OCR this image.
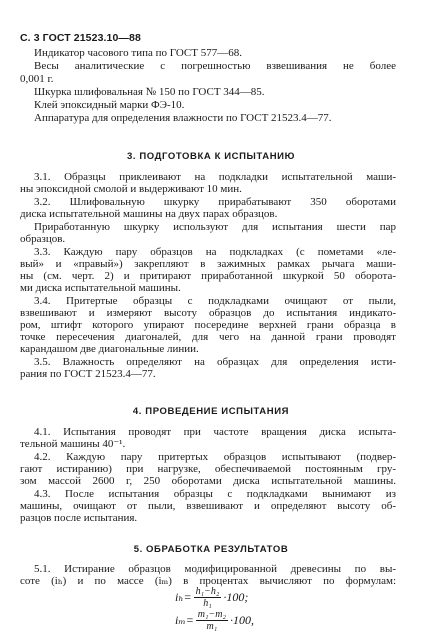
С. 3 ГОСТ 21523.10—88
Индикатор часового типа по ГОСТ 577—68.
Весы аналитические с погрешностью взвешивания не более
0,001 г.
Шкурка шлифовальная № 150 по ГОСТ 344—85.
Клей эпоксидный марки ФЭ-10.
Аппаратура для определения влажности по ГОСТ 21523.4—77.
3. ПОДГОТОВКА К ИСПЫТАНИЮ
3.1. Образцы приклеивают на подкладки испытательной маши-
ны эпоксидной смолой и выдерживают 10 мин.
3.2. Шлифовальную шкурку прирабатывают 350 оборотами
диска испытательной машины на двух парах образцов.
Приработанную шкурку используют для испытания шести пар
образцов.
3.3. Каждую пару образцов на подкладках (с пометами «ле-
вый» и «правый») закрепляют в зажимных рамках рычага маши-
ны (см. черт. 2) и притирают приработанной шкуркой 50 оборота-
ми диска испытательной машины.
3.4. Притертые образцы с подкладками очищают от пыли,
взвешивают и измеряют высоту образцов до испытания индикато-
ром, штифт которого упирают посередине верхней грани образца в
точке пересечения диагоналей, для чего на данной грани проводят
карандашом две диагональные линии.
3.5. Влажность определяют на образцах для определения исти-
рания по ГОСТ 21523.4—77.
4. ПРОВЕДЕНИЕ ИСПЫТАНИЯ
4.1. Испытания проводят при частоте вращения диска испыта-
тельной машины 40⁻¹.
4.2. Каждую пару притертых образцов испытывают (подвер-
гают истиранию) при нагрузке, обеспечиваемой постоянным гру-
зом массой 2600 г, 250 оборотами диска испытательной машины.
4.3. После испытания образцы с подкладками вынимают из
машины, очищают от пыли, взвешивают и определяют высоту об-
разцов после испытания.
5. ОБРАБОТКА РЕЗУЛЬТАТОВ
5.1. Истирание образцов модифицированной древесины по вы-
соте (iₕ) и по массе (iₘ) в процентах вычисляют по формулам:
$i_h= \frac{\text{h₁−h₂}}{\text{h₁}} \cdot 100$;
$i_m= \frac{\text{m₁−m₂}}{\text{m₁}} \cdot 100$,
